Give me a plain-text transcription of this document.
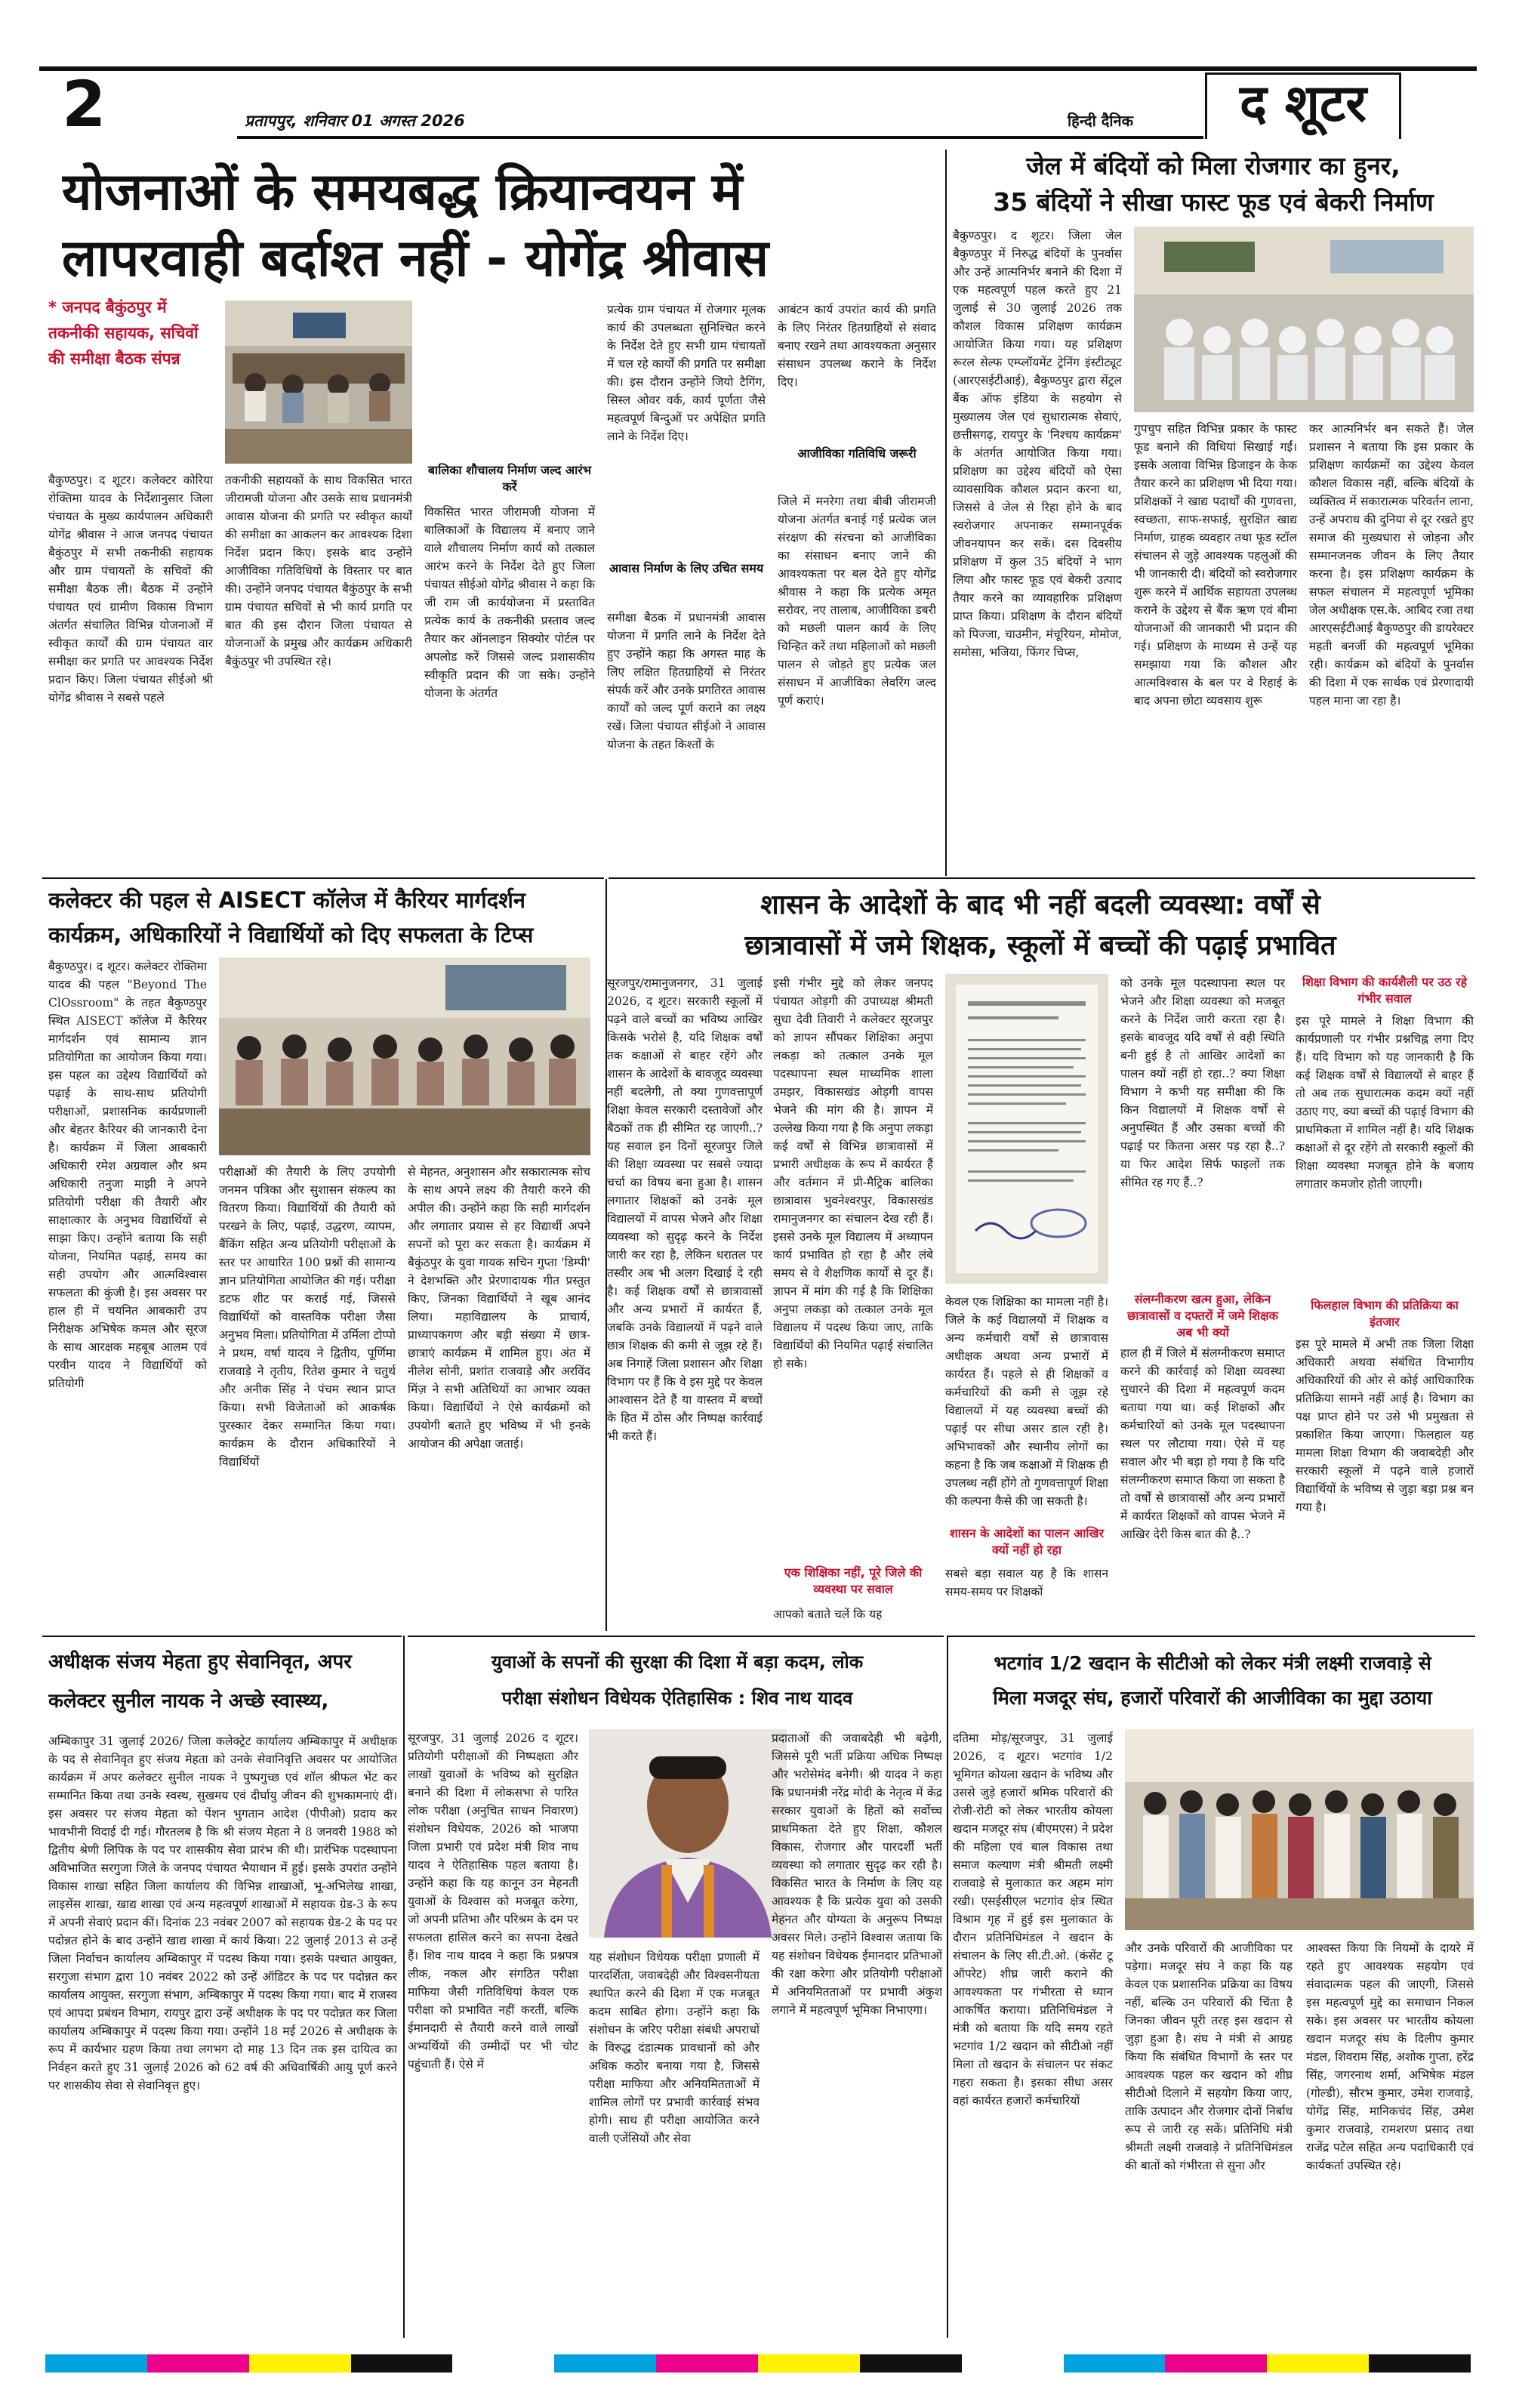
2	प्रतापपुर, शनिवार 01 अगस्त 2026	हिन्दी दैनिक	द शूटर
योजनाओं के समयबद्ध क्रियान्वयन में
लापरवाही बर्दाश्त नहीं - योगेंद्र श्रीवास
* जनपद बैकुंठपुर में तकनीकी सहायक, सचिवों की समीक्षा बैठक संपन्न
बैकुण्ठपुर। द शूटर। कलेक्टर कोरिया रोक्तिमा यादव के निर्देशानुसार जिला पंचायत के मुख्य कार्यपालन अधिकारी योगेंद्र श्रीवास ने आज जनपद पंचायत बैकुंठपुर में सभी तकनीकी सहायक और ग्राम पंचायतों के सचिवों की समीक्षा बैठक ली। बैठक में उन्होंने पंचायत एवं ग्रामीण विकास विभाग अंतर्गत संचालित विभिन्न योजनाओं में स्वीकृत कार्यों की ग्राम पंचायत वार समीक्षा कर प्रगति पर आवश्यक निर्देश प्रदान किए। जिला पंचायत सीईओ श्री योगेंद्र श्रीवास ने सबसे पहले
तकनीकी सहायकों के साथ विकसित भारत जीरामजी योजना और उसके साथ प्रधानमंत्री आवास योजना की प्रगति पर स्वीकृत कार्यों की समीक्षा का आकलन कर आवश्यक दिशा निर्देश प्रदान किए। इसके बाद उन्होंने आजीविका गतिविधियों के विस्तार पर बात की। उन्होंने जनपद पंचायत बैकुंठपुर के सभी ग्राम पंचायत सचिवों से भी कार्य प्रगति पर बात की इस दौरान जिला पंचायत से योजनाओं के प्रमुख और कार्यक्रम अधिकारी बैकुंठपुर भी उपस्थित रहे।
बालिका शौचालय निर्माण जल्द आरंभ करें
विकसित भारत जीरामजी योजना में बालिकाओं के विद्यालय में बनाए जाने वाले शौचालय निर्माण कार्य को तत्काल आरंभ करने के निर्देश देते हुए जिला पंचायत सीईओ योगेंद्र श्रीवास ने कहा कि जी राम जी कार्ययोजना में प्रस्तावित प्रत्येक कार्य के तकनीकी प्रस्ताव जल्द तैयार कर ऑनलाइन सिक्योर पोर्टल पर अपलोड करें जिससे जल्द प्रशासकीय स्वीकृति प्रदान की जा सके। उन्होंने योजना के अंतर्गत
प्रत्येक ग्राम पंचायत में रोजगार मूलक कार्य की उपलब्धता सुनिश्चित करने के निर्देश देते हुए सभी ग्राम पंचायतों में चल रहे कार्यों की प्रगति पर समीक्षा की। इस दौरान उन्होंने जियो टैगिंग, सिस्ल ओवर वर्क, कार्य पूर्णता जैसे महत्वपूर्ण बिन्दुओं पर अपेक्षित प्रगति लाने के निर्देश दिए।
आवास निर्माण के लिए उचित समय
समीक्षा बैठक में प्रधानमंत्री आवास योजना में प्रगति लाने के निर्देश देते हुए उन्होंने कहा कि अगस्त माह के लिए लक्षित हितग्राहियों से निरंतर संपर्क करें और उनके प्रगतिरत आवास कार्यों को जल्द पूर्ण कराने का लक्ष्य रखें। जिला पंचायत सीईओ ने आवास योजना के तहत किश्तों के
आबंटन कार्य उपरांत कार्य की प्रगति के लिए निरंतर हितग्राहियों से संवाद बनाए रखने तथा आवश्यकता अनुसार संसाधन उपलब्ध कराने के निर्देश दिए।
आजीविका गतिविधि जरूरी
जिले में मनरेगा तथा बीबी जीरामजी योजना अंतर्गत बनाई गई प्रत्येक जल संरक्षण की संरचना को आजीविका का संसाधन बनाए जाने की आवश्यकता पर बल देते हुए योगेंद्र श्रीवास ने कहा कि प्रत्येक अमृत सरोवर, नए तालाब, आजीविका डबरी को मछली पालन कार्य के लिए चिन्हित करें तथा महिलाओं को मछली पालन से जोड़ते हुए प्रत्येक जल संसाधन में आजीविका लेवरिंग जल्द पूर्ण कराएं।
जेल में बंदियों को मिला रोजगार का हुनर,
35 बंदियों ने सीखा फास्ट फूड एवं बेकरी निर्माण
बैकुण्ठपुर। द शूटर। जिला जेल बैकुण्ठपुर में निरुद्ध बंदियों के पुनर्वास और उन्हें आत्मनिर्भर बनाने की दिशा में एक महत्वपूर्ण पहल करते हुए 21 जुलाई से 30 जुलाई 2026 तक कौशल विकास प्रशिक्षण कार्यक्रम आयोजित किया गया। यह प्रशिक्षण रूरल सेल्फ एम्प्लॉयमेंट ट्रेनिंग इंस्टीट्यूट (आरएसईटीआई), बैकुण्ठपुर द्वारा सेंट्रल बैंक ऑफ इंडिया के सहयोग से मुख्यालय जेल एवं सुधारात्मक सेवाएं, छत्तीसगढ़, रायपुर के 'निश्चय कार्यक्रम' के अंतर्गत आयोजित किया गया। प्रशिक्षण का उद्देश्य बंदियों को ऐसा व्यावसायिक कौशल प्रदान करना था, जिससे वे जेल से रिहा होने के बाद स्वरोजगार अपनाकर सम्मानपूर्वक जीवनयापन कर सकें। दस दिवसीय प्रशिक्षण में कुल 35 बंदियों ने भाग लिया और फास्ट फूड एवं बेकरी उत्पाद तैयार करने का व्यावहारिक प्रशिक्षण प्राप्त किया। प्रशिक्षण के दौरान बंदियों को पिज्जा, चाउमीन, मंचूरियन, मोमोज, समोसा, भजिया, फिंगर चिप्स,
गुपचुप सहित विभिन्न प्रकार के फास्ट फूड बनाने की विधियां सिखाई गईं। इसके अलावा विभिन्न डिजाइन के केक तैयार करने का प्रशिक्षण भी दिया गया। प्रशिक्षकों ने खाद्य पदार्थों की गुणवत्ता, स्वच्छता, साफ-सफाई, सुरक्षित खाद्य निर्माण, ग्राहक व्यवहार तथा फूड स्टॉल संचालन से जुड़े आवश्यक पहलुओं की भी जानकारी दी। बंदियों को स्वरोजगार शुरू करने में आर्थिक सहायता उपलब्ध कराने के उद्देश्य से बैंक ऋण एवं बीमा योजनाओं की जानकारी भी प्रदान की गई। प्रशिक्षण के माध्यम से उन्हें यह समझाया गया कि कौशल और आत्मविश्वास के बल पर वे रिहाई के बाद अपना छोटा व्यवसाय शुरू
कर आत्मनिर्भर बन सकते हैं। जेल प्रशासन ने बताया कि इस प्रकार के प्रशिक्षण कार्यक्रमों का उद्देश्य केवल कौशल विकास नहीं, बल्कि बंदियों के व्यक्तित्व में सकारात्मक परिवर्तन लाना, उन्हें अपराध की दुनिया से दूर रखते हुए समाज की मुख्यधारा से जोड़ना और सम्मानजनक जीवन के लिए तैयार करना है। इस प्रशिक्षण कार्यक्रम के सफल संचालन में महत्वपूर्ण भूमिका जेल अधीक्षक एस.के. आबिद रजा तथा आरएसईटीआई बैकुण्ठपुर की डायरेक्टर महती बनर्जी की महत्वपूर्ण भूमिका रही। कार्यक्रम को बंदियों के पुनर्वास की दिशा में एक सार्थक एवं प्रेरणादायी पहल माना जा रहा है।
कलेक्टर की पहल से AISECT कॉलेज में कैरियर मार्गदर्शन
कार्यक्रम, अधिकारियों ने विद्यार्थियों को दिए सफलता के टिप्स
बैकुण्ठपुर। द शूटर। कलेक्टर रोक्तिमा यादव की पहल "Beyond The ClOssroom" के तहत बैकुण्ठपुर स्थित AISECT कॉलेज में कैरियर मार्गदर्शन एवं सामान्य ज्ञान प्रतियोगिता का आयोजन किया गया। इस पहल का उद्देश्य विद्यार्थियों को पढ़ाई के साथ-साथ प्रतियोगी परीक्षाओं, प्रशासनिक कार्यप्रणाली और बेहतर कैरियर की जानकारी देना है। कार्यक्रम में जिला आबकारी अधिकारी रमेश अग्रवाल और श्रम अधिकारी तनुजा माझी ने अपने प्रतियोगी परीक्षा की तैयारी और साक्षात्कार के अनुभव विद्यार्थियों से साझा किए। उन्होंने बताया कि सही योजना, नियमित पढ़ाई, समय का सही उपयोग और आत्मविश्वास सफलता की कुंजी है। इस अवसर पर हाल ही में चयनित आबकारी उप निरीक्षक अभिषेक कमल और सूरज के साथ आरक्षक महबूब आलम एवं परवीन यादव ने विद्यार्थियों को प्रतियोगी
परीक्षाओं की तैयारी के लिए उपयोगी जनमन पत्रिका और सुशासन संकल्प का वितरण किया। विद्यार्थियों की तैयारी को परखने के लिए, पढ़ाई, उद्धरण, व्यापम, बैंकिंग सहित अन्य प्रतियोगी परीक्षाओं के स्तर पर आधारित 100 प्रश्नों की सामान्य ज्ञान प्रतियोगिता आयोजित की गई। परीक्षा डटफ शीट पर कराई गई, जिससे विद्यार्थियों को वास्तविक परीक्षा जैसा अनुभव मिला। प्रतियोगिता में उर्मिला टोप्पो ने प्रथम, वर्षा यादव ने द्वितीय, पूर्णिमा राजवाड़े ने तृतीय, रितेश कुमार ने चतुर्थ और अनीक सिंह ने पंचम स्थान प्राप्त किया। सभी विजेताओं को आकर्षक पुरस्कार देकर सम्मानित किया गया। कार्यक्रम के दौरान अधिकारियों ने विद्यार्थियों
से मेहनत, अनुशासन और सकारात्मक सोच के साथ अपने लक्ष्य की तैयारी करने की अपील की। उन्होंने कहा कि सही मार्गदर्शन और लगातार प्रयास से हर विद्यार्थी अपने सपनों को पूरा कर सकता है। कार्यक्रम में बैकुंठपुर के युवा गायक सचिन गुप्ता 'डिम्पी' ने देशभक्ति और प्रेरणादायक गीत प्रस्तुत किए, जिनका विद्यार्थियों ने खूब आनंद लिया। महाविद्यालय के प्राचार्य, प्राध्यापकगण और बड़ी संख्या में छात्र-छात्राएं कार्यक्रम में शामिल हुए। अंत में नीलेश सोनी, प्रशांत राजवाड़े और अरविंद मिंज़ ने सभी अतिथियों का आभार व्यक्त किया। विद्यार्थियों ने ऐसे कार्यक्रमों को उपयोगी बताते हुए भविष्य में भी इनके आयोजन की अपेक्षा जताई।
शासन के आदेशों के बाद भी नहीं बदली व्यवस्था: वर्षों से
छात्रावासों में जमे शिक्षक, स्कूलों में बच्चों की पढ़ाई प्रभावित
सूरजपुर/रामानुजनगर, 31 जुलाई 2026, द शूटर। सरकारी स्कूलों में पढ़ने वाले बच्चों का भविष्य आखिर किसके भरोसे है, यदि शिक्षक वर्षों तक कक्षाओं से बाहर रहेंगे और शासन के आदेशों के बावजूद व्यवस्था नहीं बदलेगी, तो क्या गुणवत्तापूर्ण शिक्षा केवल सरकारी दस्तावेजों और बैठकों तक ही सीमित रह जाएगी..? यह सवाल इन दिनों सूरजपुर जिले की शिक्षा व्यवस्था पर सबसे ज्यादा चर्चा का विषय बना हुआ है। शासन लगातार शिक्षकों को उनके मूल विद्यालयों में वापस भेजने और शिक्षा व्यवस्था को सुदृढ़ करने के निर्देश जारी कर रहा है, लेकिन धरातल पर तस्वीर अब भी अलग दिखाई दे रही है। कई शिक्षक वर्षों से छात्रावासों और अन्य प्रभारों में कार्यरत हैं, जबकि उनके विद्यालयों में पढ़ने वाले छात्र शिक्षक की कमी से जूझ रहे हैं। अब निगाहें जिला प्रशासन और शिक्षा विभाग पर हैं कि वे इस मुद्दे पर केवल आश्वासन देते हैं या वास्तव में बच्चों के हित में ठोस और निष्पक्ष कार्रवाई भी करते हैं।
इसी गंभीर मुद्दे को लेकर जनपद पंचायत ओड़गी की उपाध्यक्ष श्रीमती सुधा देवी तिवारी ने कलेक्टर सूरजपुर को ज्ञापन सौंपकर शिक्षिका अनुपा लकड़ा को तत्काल उनके मूल पदस्थापना स्थल माध्यमिक शाला उमझर, विकासखंड ओड़गी वापस भेजने की मांग की है। ज्ञापन में उल्लेख किया गया है कि अनुपा लकड़ा कई वर्षों से विभिन्न छात्रावासों में प्रभारी अधीक्षक के रूप में कार्यरत हैं और वर्तमान में प्री-मैट्रिक बालिका छात्रावास भुवनेश्वरपुर, विकासखंड रामानुजनगर का संचालन देख रही हैं। इससे उनके मूल विद्यालय में अध्यापन कार्य प्रभावित हो रहा है और लंबे समय से वे शैक्षणिक कार्यों से दूर हैं। ज्ञापन में मांग की गई है कि शिक्षिका अनुपा लकड़ा को तत्काल उनके मूल विद्यालय में पदस्थ किया जाए, ताकि विद्यार्थियों की नियमित पढ़ाई संचालित हो सके।
एक शिक्षिका नहीं, पूरे जिले की व्यवस्था पर सवाल
आपको बताते चलें कि यह
केवल एक शिक्षिका का मामला नहीं है। जिले के कई विद्यालयों में शिक्षक व अन्य कर्मचारी वर्षों से छात्रावास अधीक्षक अथवा अन्य प्रभारों में कार्यरत हैं। पहले से ही शिक्षकों व कर्मचारियों की कमी से जूझ रहे विद्यालयों में यह व्यवस्था बच्चों की पढ़ाई पर सीधा असर डाल रही है। अभिभावकों और स्थानीय लोगों का कहना है कि जब कक्षाओं में शिक्षक ही उपलब्ध नहीं होंगे तो गुणवत्तापूर्ण शिक्षा की कल्पना कैसे की जा सकती है।
शासन के आदेशों का पालन आखिर क्यों नहीं हो रहा
सबसे बड़ा सवाल यह है कि शासन समय-समय पर शिक्षकों
को उनके मूल पदस्थापना स्थल पर भेजने और शिक्षा व्यवस्था को मजबूत करने के निर्देश जारी करता रहा है। इसके बावजूद यदि वर्षों से वही स्थिति बनी हुई है तो आखिर आदेशों का पालन क्यों नहीं हो रहा..? क्या शिक्षा विभाग ने कभी यह समीक्षा की कि किन विद्यालयों में शिक्षक वर्षों से अनुपस्थित हैं और उसका बच्चों की पढ़ाई पर कितना असर पड़ रहा है..? या फिर आदेश सिर्फ फाइलों तक सीमित रह गए हैं..?
संलग्नीकरण खत्म हुआ, लेकिन छात्रावासों व दफ्तरों में जमे शिक्षक अब भी क्यों
हाल ही में जिले में संलग्नीकरण समाप्त करने की कार्रवाई को शिक्षा व्यवस्था सुधारने की दिशा में महत्वपूर्ण कदम बताया गया था। कई शिक्षकों और कर्मचारियों को उनके मूल पदस्थापना स्थल पर लौटाया गया। ऐसे में यह सवाल और भी बड़ा हो गया है कि यदि संलग्नीकरण समाप्त किया जा सकता है तो वर्षों से छात्रावासों और अन्य प्रभारों में कार्यरत शिक्षकों को वापस भेजने में आखिर देरी किस बात की है..?
शिक्षा विभाग की कार्यशैली पर उठ रहे गंभीर सवाल
इस पूरे मामले ने शिक्षा विभाग की कार्यप्रणाली पर गंभीर प्रश्नचिह्न लगा दिए हैं। यदि विभाग को यह जानकारी है कि कई शिक्षक वर्षों से विद्यालयों से बाहर हैं तो अब तक सुधारात्मक कदम क्यों नहीं उठाए गए, क्या बच्चों की पढ़ाई विभाग की प्राथमिकता में शामिल नहीं है। यदि शिक्षक कक्षाओं से दूर रहेंगे तो सरकारी स्कूलों की शिक्षा व्यवस्था मजबूत होने के बजाय लगातार कमजोर होती जाएगी।
फिलहाल विभाग की प्रतिक्रिया का इंतजार
इस पूरे मामले में अभी तक जिला शिक्षा अधिकारी अथवा संबंधित विभागीय अधिकारियों की ओर से कोई आधिकारिक प्रतिक्रिया सामने नहीं आई है। विभाग का पक्ष प्राप्त होने पर उसे भी प्रमुखता से प्रकाशित किया जाएगा। फिलहाल यह मामला शिक्षा विभाग की जवाबदेही और सरकारी स्कूलों में पढ़ने वाले हजारों विद्यार्थियों के भविष्य से जुड़ा बड़ा प्रश्न बन गया है।
अधीक्षक संजय मेहता हुए सेवानिवृत, अपर
कलेक्टर सुनील नायक ने अच्छे स्वास्थ्य,
अम्बिकापुर 31 जुलाई 2026/ जिला कलेक्ट्रेट कार्यालय अम्बिकापुर में अधीक्षक के पद से सेवानिवृत हुए संजय मेहता को उनके सेवानिवृत्ति अवसर पर आयोजित कार्यक्रम में अपर कलेक्टर सुनील नायक ने पुष्पगुच्छ एवं शॉल श्रीफल भेंट कर सम्मानित किया तथा उनके स्वस्थ, सुखमय एवं दीर्घायु जीवन की शुभकामनाएं दीं। इस अवसर पर संजय मेहता को पेंशन भुगतान आदेश (पीपीओ) प्रदाय कर भावभीनी विदाई दी गई। गौरतलब है कि श्री संजय मेहता ने 8 जनवरी 1988 को द्वितीय श्रेणी लिपिक के पद पर शासकीय सेवा प्रारंभ की थी। प्रारंभिक पदस्थापना अविभाजित सरगुजा जिले के जनपद पंचायत भैयाथान में हुई। इसके उपरांत उन्होंने विकास शाखा सहित जिला कार्यालय की विभिन्न शाखाओं, भू-अभिलेख शाखा, लाइसेंस शाखा, खाद्य शाखा एवं अन्य महत्वपूर्ण शाखाओं में सहायक ग्रेड-3 के रूप में अपनी सेवाएं प्रदान कीं। दिनांक 23 नवंबर 2007 को सहायक ग्रेड-2 के पद पर पदोन्नत होने के बाद उन्होंने खाद्य शाखा में कार्य किया। 22 जुलाई 2013 से उन्हें जिला निर्वाचन कार्यालय अम्बिकापुर में पदस्थ किया गया। इसके पश्चात आयुक्त, सरगुजा संभाग द्वारा 10 नवंबर 2022 को उन्हें ऑडिटर के पद पर पदोन्नत कर कार्यालय आयुक्त, सरगुजा संभाग, अम्बिकापुर में पदस्थ किया गया। बाद में राजस्व एवं आपदा प्रबंधन विभाग, रायपुर द्वारा उन्हें अधीक्षक के पद पर पदोन्नत कर जिला कार्यालय अम्बिकापुर में पदस्थ किया गया। उन्होंने 18 मई 2026 से अधीक्षक के रूप में कार्यभार ग्रहण किया तथा लगभग दो माह 13 दिन तक इस दायित्व का निर्वहन करते हुए 31 जुलाई 2026 को 62 वर्ष की अधिवार्षिकी आयु पूर्ण करने पर शासकीय सेवा से सेवानिवृत्त हुए।
युवाओं के सपनों की सुरक्षा की दिशा में बड़ा कदम, लोक
परीक्षा संशोधन विधेयक ऐतिहासिक : शिव नाथ यादव
सूरजपुर, 31 जुलाई 2026 द शूटर। प्रतियोगी परीक्षाओं की निष्पक्षता और लाखों युवाओं के भविष्य को सुरक्षित बनाने की दिशा में लोकसभा से पारित लोक परीक्षा (अनुचित साधन निवारण) संशोधन विधेयक, 2026 को भाजपा जिला प्रभारी एवं प्रदेश मंत्री शिव नाथ यादव ने ऐतिहासिक पहल बताया है। उन्होंने कहा कि यह कानून उन मेहनती युवाओं के विश्वास को मजबूत करेगा, जो अपनी प्रतिभा और परिश्रम के दम पर सफलता हासिल करने का सपना देखते हैं। शिव नाथ यादव ने कहा कि प्रश्नपत्र लीक, नकल और संगठित परीक्षा माफिया जैसी गतिविधियां केवल एक परीक्षा को प्रभावित नहीं करतीं, बल्कि ईमानदारी से तैयारी करने वाले लाखों अभ्यर्थियों की उम्मीदों पर भी चोट पहुंचाती हैं। ऐसे में
यह संशोधन विधेयक परीक्षा प्रणाली में पारदर्शिता, जवाबदेही और विश्वसनीयता स्थापित करने की दिशा में एक मजबूत कदम साबित होगा। उन्होंने कहा कि संशोधन के जरिए परीक्षा संबंधी अपराधों के विरुद्ध दंडात्मक प्रावधानों को और अधिक कठोर बनाया गया है, जिससे परीक्षा माफिया और अनियमितताओं में शामिल लोगों पर प्रभावी कार्रवाई संभव होगी। साथ ही परीक्षा आयोजित करने वाली एजेंसियों और सेवा
प्रदाताओं की जवाबदेही भी बढ़ेगी, जिससे पूरी भर्ती प्रक्रिया अधिक निष्पक्ष और भरोसेमंद बनेगी। श्री यादव ने कहा कि प्रधानमंत्री नरेंद्र मोदी के नेतृत्व में केंद्र सरकार युवाओं के हितों को सर्वोच्च प्राथमिकता देते हुए शिक्षा, कौशल विकास, रोजगार और पारदर्शी भर्ती व्यवस्था को लगातार सुदृढ़ कर रही है। विकसित भारत के निर्माण के लिए यह आवश्यक है कि प्रत्येक युवा को उसकी मेहनत और योग्यता के अनुरूप निष्पक्ष अवसर मिले। उन्होंने विश्वास जताया कि यह संशोधन विधेयक ईमानदार प्रतिभाओं की रक्षा करेगा और प्रतियोगी परीक्षाओं में अनियमितताओं पर प्रभावी अंकुश लगाने में महत्वपूर्ण भूमिका निभाएगा।
भटगांव 1/2 खदान के सीटीओ को लेकर मंत्री लक्ष्मी राजवाड़े से
मिला मजदूर संघ, हजारों परिवारों की आजीविका का मुद्दा उठाया
दतिमा मोड़/सूरजपुर, 31 जुलाई 2026, द शूटर। भटगांव 1/2 भूमिगत कोयला खदान के भविष्य और उससे जुड़े हजारों श्रमिक परिवारों की रोजी-रोटी को लेकर भारतीय कोयला खदान मजदूर संघ (बीएमएस) ने प्रदेश की महिला एवं बाल विकास तथा समाज कल्याण मंत्री श्रीमती लक्ष्मी राजवाड़े से मुलाकात कर अहम मांग रखी। एसईसीएल भटगांव क्षेत्र स्थित विश्राम गृह में हुई इस मुलाकात के दौरान प्रतिनिधिमंडल ने खदान के संचालन के लिए सी.टी.ओ. (कंसेंट टू ऑपरेट) शीघ्र जारी कराने की आवश्यकता पर गंभीरता से ध्यान आकर्षित कराया। प्रतिनिधिमंडल ने मंत्री को बताया कि यदि समय रहते भटगांव 1/2 खदान को सीटीओ नहीं मिला तो खदान के संचालन पर संकट गहरा सकता है। इसका सीधा असर वहां कार्यरत हजारों कर्मचारियों
और उनके परिवारों की आजीविका पर पड़ेगा। मजदूर संघ ने कहा कि यह केवल एक प्रशासनिक प्रक्रिया का विषय नहीं, बल्कि उन परिवारों की चिंता है जिनका जीवन पूरी तरह इस खदान से जुड़ा हुआ है। संघ ने मंत्री से आग्रह किया कि संबंधित विभागों के स्तर पर आवश्यक पहल कर खदान को शीघ्र सीटीओ दिलाने में सहयोग किया जाए, ताकि उत्पादन और रोजगार दोनों निर्बाध रूप से जारी रह सकें। प्रतिनिधि मंत्री श्रीमती लक्ष्मी राजवाड़े ने प्रतिनिधिमंडल की बातों को गंभीरता से सुना और
आश्वस्त किया कि नियमों के दायरे में रहते हुए आवश्यक सहयोग एवं संवादात्मक पहल की जाएगी, जिससे इस महत्वपूर्ण मुद्दे का समाधान निकल सके। इस अवसर पर भारतीय कोयला खदान मजदूर संघ के दिलीप कुमार मंडल, शिवराम सिंह, अशोक गुप्ता, हरेंद्र सिंह, जगरनाथ शर्मा, अभिषेक मंडल (गोल्डी), सौरभ कुमार, उमेश राजवाड़े, योगेंद्र सिंह, मानिकचंद सिंह, उमेश कुमार राजवाड़े, रामशरण प्रसाद तथा राजेंद्र पटेल सहित अन्य पदाधिकारी एवं कार्यकर्ता उपस्थित रहे।
